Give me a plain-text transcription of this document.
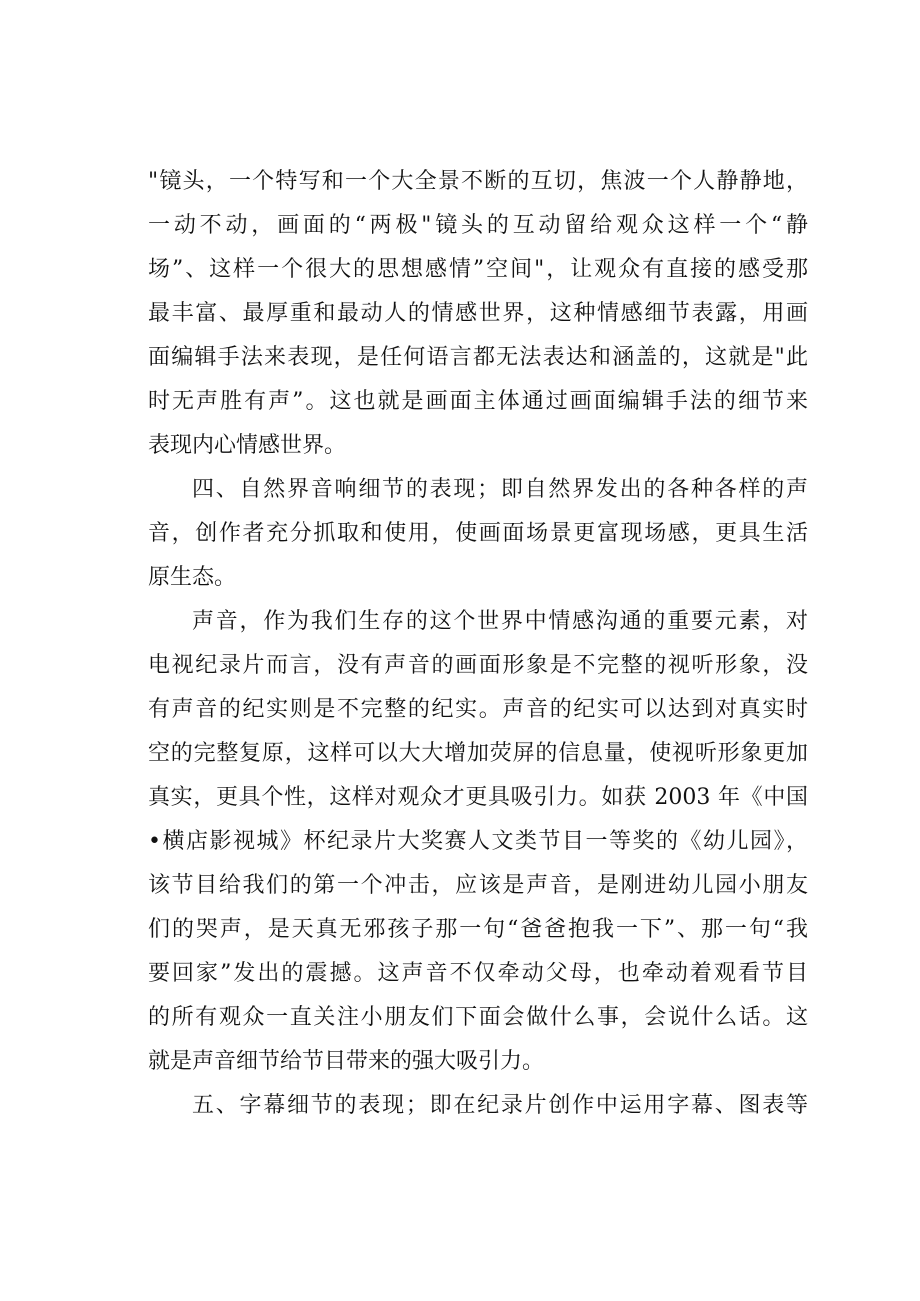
"镜头，一个特写和一个大全景不断的互切，焦波一个人静静地，
一动不动，画面的“两极"镜头的互动留给观众这样一个“静
场”、这样一个很大的思想感情”空间"，让观众有直接的感受那
最丰富、最厚重和最动人的情感世界，这种情感细节表露，用画
面编辑手法来表现，是任何语言都无法表达和涵盖的，这就是"此
时无声胜有声”。这也就是画面主体通过画面编辑手法的细节来
表现内心情感世界。
四、自然界音响细节的表现；即自然界发出的各种各样的声
音，创作者充分抓取和使用，使画面场景更富现场感，更具生活
原生态。
声音，作为我们生存的这个世界中情感沟通的重要元素，对
电视纪录片而言，没有声音的画面形象是不完整的视听形象，没
有声音的纪实则是不完整的纪实。声音的纪实可以达到对真实时
空的完整复原，这样可以大大增加荧屏的信息量，使视听形象更加
真实，更具个性，这样对观众才更具吸引力。如获 2003 年《中国
•横店影视城》杯纪录片大奖赛人文类节目一等奖的《幼儿园》，
该节目给我们的第一个冲击，应该是声音，是刚进幼儿园小朋友
们的哭声，是天真无邪孩子那一句“爸爸抱我一下”、那一句“我
要回家”发出的震撼。这声音不仅牵动父母，也牵动着观看节目
的所有观众一直关注小朋友们下面会做什么事，会说什么话。这
就是声音细节给节目带来的强大吸引力。
五、字幕细节的表现；即在纪录片创作中运用字幕、图表等
